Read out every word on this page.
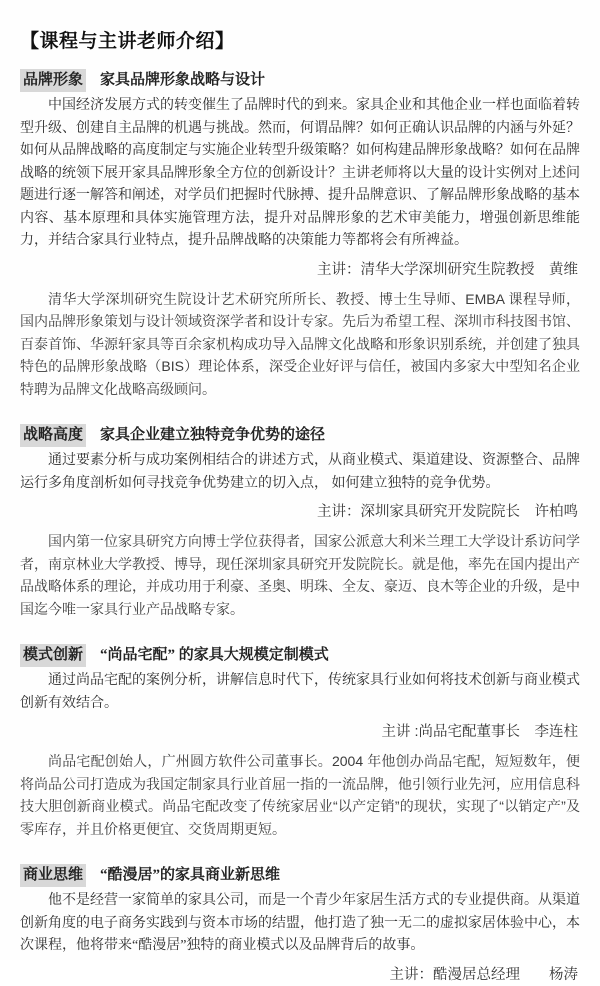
【课程与主讲老师介绍】
品牌形象 家具品牌形象战略与设计

中国经济发展方式的转变催生了品牌时代的到来。家具企业和其他企业一样也面临着转型升级、创建自主品牌的机遇与挑战。然而，何谓品牌？如何正确认识品牌的内涵与外延？如何从品牌战略的高度制定与实施企业转型升级策略？如何构建品牌形象战略？如何在品牌战略的统领下展开家具品牌形象全方位的创新设计？主讲老师将以大量的设计实例对上述问题进行逐一解答和阐述，对学员们把握时代脉搏、提升品牌意识、了解品牌形象战略的基本内容、基本原理和具体实施管理方法，提升对品牌形象的艺术审美能力，增强创新思维能力，并结合家具行业特点，提升品牌战略的决策能力等都将会有所裨益。

主讲：清华大学深圳研究生院教授　黄维

清华大学深圳研究生院设计艺术研究所所长、教授、博士生导师、EMBA 课程导师，国内品牌形象策划与设计领域资深学者和设计专家。先后为希望工程、深圳市科技图书馆、百泰首饰、华源轩家具等百余家机构成功导入品牌文化战略和形象识别系统，并创建了独具特色的品牌形象战略（BIS）理论体系，深受企业好评与信任，被国内多家大中型知名企业特聘为品牌文化战略高级顾问。

战略高度 家具企业建立独特竞争优势的途径

通过要素分析与成功案例相结合的讲述方式，从商业模式、渠道建设、资源整合、品牌运行多角度剖析如何寻找竞争优势建立的切入点， 如何建立独特的竞争优势。

主讲：深圳家具研究开发院院长　许柏鸣

国内第一位家具研究方向博士学位获得者，国家公派意大利米兰理工大学设计系访问学者，南京林业大学教授、博导，现任深圳家具研究开发院院长。就是他，率先在国内提出产品战略体系的理论，并成功用于利豪、圣奥、明珠、全友、豪迈、良木等企业的升级，是中国迄今唯一家具行业产品战略专家。

模式创新 “尚品宅配” 的家具大规模定制模式

通过尚品宅配的案例分析，讲解信息时代下，传统家具行业如何将技术创新与商业模式创新有效结合。

主讲 :尚品宅配董事长　李连柱

尚品宅配创始人，广州圆方软件公司董事长。2004 年他创办尚品宅配，短短数年，便将尚品公司打造成为我国定制家具行业首屈一指的一流品牌，他引领行业先河，应用信息科技大胆创新商业模式。尚品宅配改变了传统家居业“以产定销”的现状，实现了“以销定产”及零库存，并且价格更便宜、交货周期更短。

商业思维 “酷漫居”的家具商业新思维

他不是经营一家简单的家具公司，而是一个青少年家居生活方式的专业提供商。从渠道创新角度的电子商务实践到与资本市场的结盟，他打造了独一无二的虚拟家居体验中心，本次课程，他将带来“酷漫居”独特的商业模式以及品牌背后的故事。

主讲：酷漫居总经理　　杨涛
